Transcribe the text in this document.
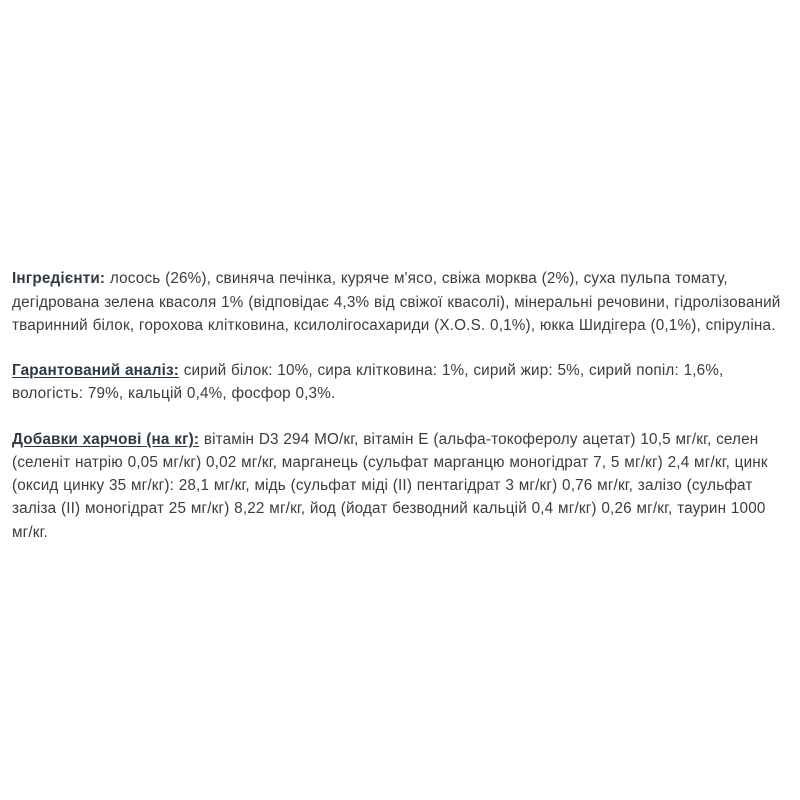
Інгредієнти: лосось (26%), свиняча печінка, куряче м'ясо, свіжа морква (2%), суха пульпа томату, дегідрована зелена квасоля 1% (відповідає 4,3% від свіжої квасолі), мінеральні речовини, гідролізований тваринний білок, горохова клітковина, ксилолігосахариди (X.O.S. 0,1%), юкка Шидігера (0,1%), спіруліна.

Гарантований аналіз: сирий білок: 10%, сира клітковина: 1%, сирий жир: 5%, сирий попіл: 1,6%, вологість: 79%, кальцій 0,4%, фосфор 0,3%.

Добавки харчові (на кг): вітамін D3 294 МО/кг, вітамін Е (альфа-токоферолу ацетат) 10,5 мг/кг, селен (селеніт натрію 0,05 мг/кг) 0,02 мг/кг, марганець (сульфат марганцю моногідрат 7, 5 мг/кг) 2,4 мг/кг, цинк (оксид цинку 35 мг/кг): 28,1 мг/кг, мідь (сульфат міді (II) пентагідрат 3 мг/кг) 0,76 мг/кг, залізо (сульфат заліза (II) моногідрат 25 мг/кг) 8,22 мг/кг, йод (йодат безводний кальцій 0,4 мг/кг) 0,26 мг/кг, таурин 1000 мг/кг.
